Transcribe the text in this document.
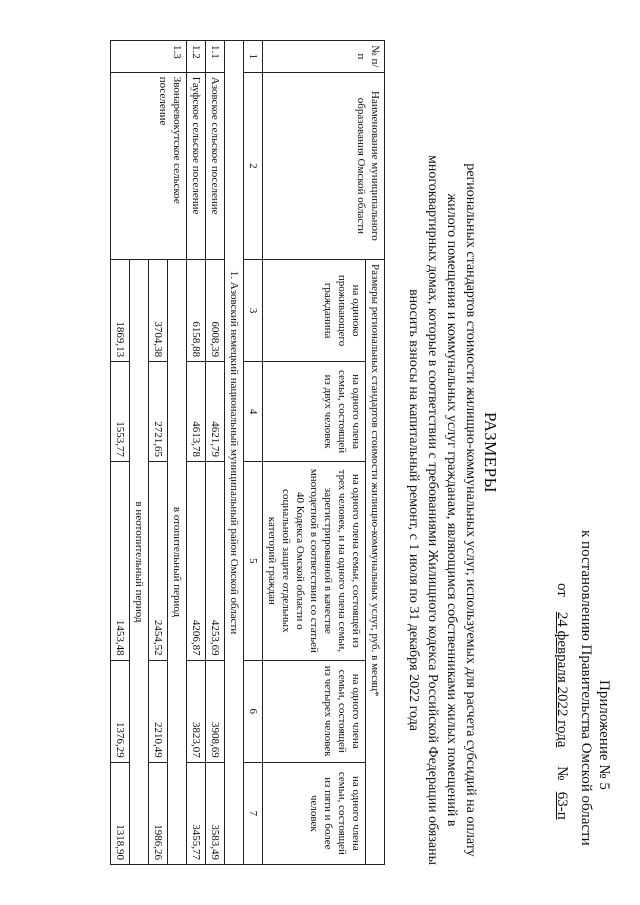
Приложение № 5
к постановлению Правительства Омской области
от    24 февраля 2022 года     №   63-п
РАЗМЕРЫ
региональных стандартов стоимости жилищно-коммунальных услуг, используемых для расчета субсидий на оплату жилого помещения и коммунальных услуг гражданам, являющимся собственниками жилых помещений в многоквартирных домах, которые в соответствии с требованиями Жилищного кодекса Российской Федерации обязаны вносить взносы на капитальный ремонт, с 1 июля по 31 декабря 2022 года
№ п/п	Наименование муниципального образования Омской области	Размеры региональных стандартов стоимости жилищно-коммунальных услуг, руб. в месяц*				
		на одиноко проживающего гражданина	на одного члена семьи, состоящей из двух человек	на одного члена семьи, состоящей из трех человек, и на одного члена семьи, зарегистрированной в качестве многодетной в соответствии со статьей 40 Кодекса Омской области о социальной защите отдельных категорий граждан	на одного члена семьи, состоящей из четырех человек	на одного члена семьи, состоящей из пяти и более человек
1	2	3	4	5	6	7
1. Азовский немецкий национальный муниципальный район Омской области						
1.1	Азовское сельское поселение	6008,39	4621,79	4253,69	3908,69	3583,49
1.2	Гауфское сельское поселение	6158,88	4613,78	4206,87	3823,07	3455,77
1.3	Звонаревокутское сельское поселение	в отопительный период				
		3704,38	2721,65	2454,52	2210,49	1986,26
		в неотопительный период				
		1869,13	1553,77	1453,48	1376,29	1318,90
